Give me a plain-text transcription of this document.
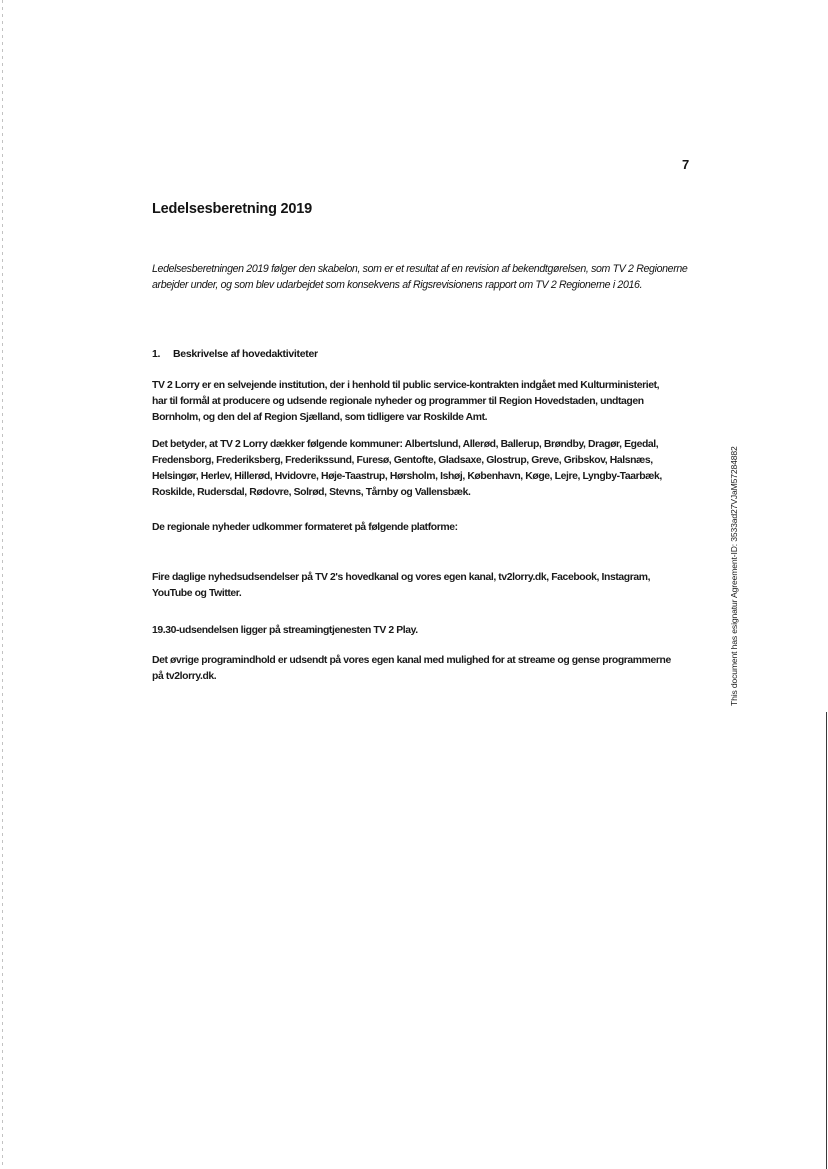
7
Ledelsesberetning 2019

Ledelsesberetningen 2019 følger den skabelon, som er et resultat af en revision af bekendtgørelsen, som TV 2 Regionerne arbejder under, og som blev udarbejdet som konsekvens af Rigsrevisionens rapport om TV 2 Regionerne i 2016.

1. Beskrivelse af hovedaktiviteter

TV 2 Lorry er en selvejende institution, der i henhold til public service-kontrakten indgået med Kulturministeriet, har til formål at producere og udsende regionale nyheder og programmer til Region Hovedstaden, undtagen Bornholm, og den del af Region Sjælland, som tidligere var Roskilde Amt.

Det betyder, at TV 2 Lorry dækker følgende kommuner: Albertslund, Allerød, Ballerup, Brøndby, Dragør, Egedal, Fredensborg, Frederiksberg, Frederikssund, Furesø, Gentofte, Gladsaxe, Glostrup, Greve, Gribskov, Halsnæs, Helsingør, Herlev, Hillerød, Hvidovre, Høje-Taastrup, Hørsholm, Ishøj, København, Køge, Lejre, Lyngby-Taarbæk, Roskilde, Rudersdal, Rødovre, Solrød, Stevns, Tårnby og Vallensbæk.

De regionale nyheder udkommer formateret på følgende platforme:

Fire daglige nyhedsudsendelser på TV 2's hovedkanal og vores egen kanal, tv2lorry.dk, Facebook, Instagram, YouTube og Twitter.

19.30-udsendelsen ligger på streamingtjenesten TV 2 Play.

Det øvrige programindhold er udsendt på vores egen kanal med mulighed for at streame og gense programmerne på tv2lorry.dk.	This document has esignatur Agreement-ID: 3533ad27VJaM57284882
